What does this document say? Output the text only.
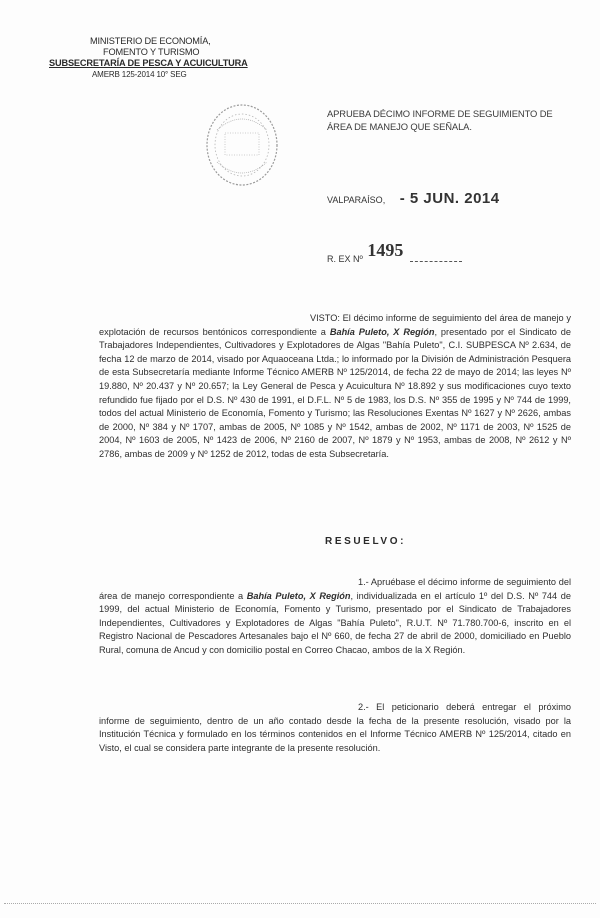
MINISTERIO DE ECONOMÍA,
FOMENTO Y TURISMO
SUBSECRETARÍA DE PESCA Y ACUICULTURA
AMERB 125-2014 10° SEG
APRUEBA DÉCIMO INFORME DE SEGUIMIENTO DE ÁREA DE MANEJO QUE SEÑALA.
VALPARAÍSO, - 5 JUN. 2014
R. EX Nº 1495
VISTO: El décimo informe de seguimiento del área de manejo y explotación de recursos bentónicos correspondiente a Bahía Puleto, X Región, presentado por el Sindicato de Trabajadores Independientes, Cultivadores y Explotadores de Algas "Bahía Puleto", C.I. SUBPESCA Nº 2.634, de fecha 12 de marzo de 2014, visado por Aquaoceana Ltda.; lo informado por la División de Administración Pesquera de esta Subsecretaría mediante Informe Técnico AMERB Nº 125/2014, de fecha 22 de mayo de 2014; las leyes Nº 19.880, Nº 20.437 y Nº 20.657; la Ley General de Pesca y Acuicultura Nº 18.892 y sus modificaciones cuyo texto refundido fue fijado por el D.S. Nº 430 de 1991, el D.F.L. Nº 5 de 1983, los D.S. Nº 355 de 1995 y Nº 744 de 1999, todos del actual Ministerio de Economía, Fomento y Turismo; las Resoluciones Exentas Nº 1627 y Nº 2626, ambas de 2000, Nº 384 y Nº 1707, ambas de 2005, Nº 1085 y Nº 1542, ambas de 2002, Nº 1171 de 2003, Nº 1525 de 2004, Nº 1603 de 2005, Nº 1423 de 2006, Nº 2160 de 2007, Nº 1879 y Nº 1953, ambas de 2008, Nº 2612 y Nº 2786, ambas de 2009 y Nº 1252 de 2012, todas de esta Subsecretaría.
RESUELVO:
1.- Apruébase el décimo informe de seguimiento del área de manejo correspondiente a Bahía Puleto, X Región, individualizada en el artículo 1º del D.S. Nº 744 de 1999, del actual Ministerio de Economía, Fomento y Turismo, presentado por el Sindicato de Trabajadores Independientes, Cultivadores y Explotadores de Algas "Bahía Puleto", R.U.T. Nº 71.780.700-6, inscrito en el Registro Nacional de Pescadores Artesanales bajo el Nº 660, de fecha 27 de abril de 2000, domiciliado en Pueblo Rural, comuna de Ancud y con domicilio postal en Correo Chacao, ambos de la X Región.
2.- El peticionario deberá entregar el próximo informe de seguimiento, dentro de un año contado desde la fecha de la presente resolución, visado por la Institución Técnica y formulado en los términos contenidos en el Informe Técnico AMERB Nº 125/2014, citado en Visto, el cual se considera parte integrante de la presente resolución.
